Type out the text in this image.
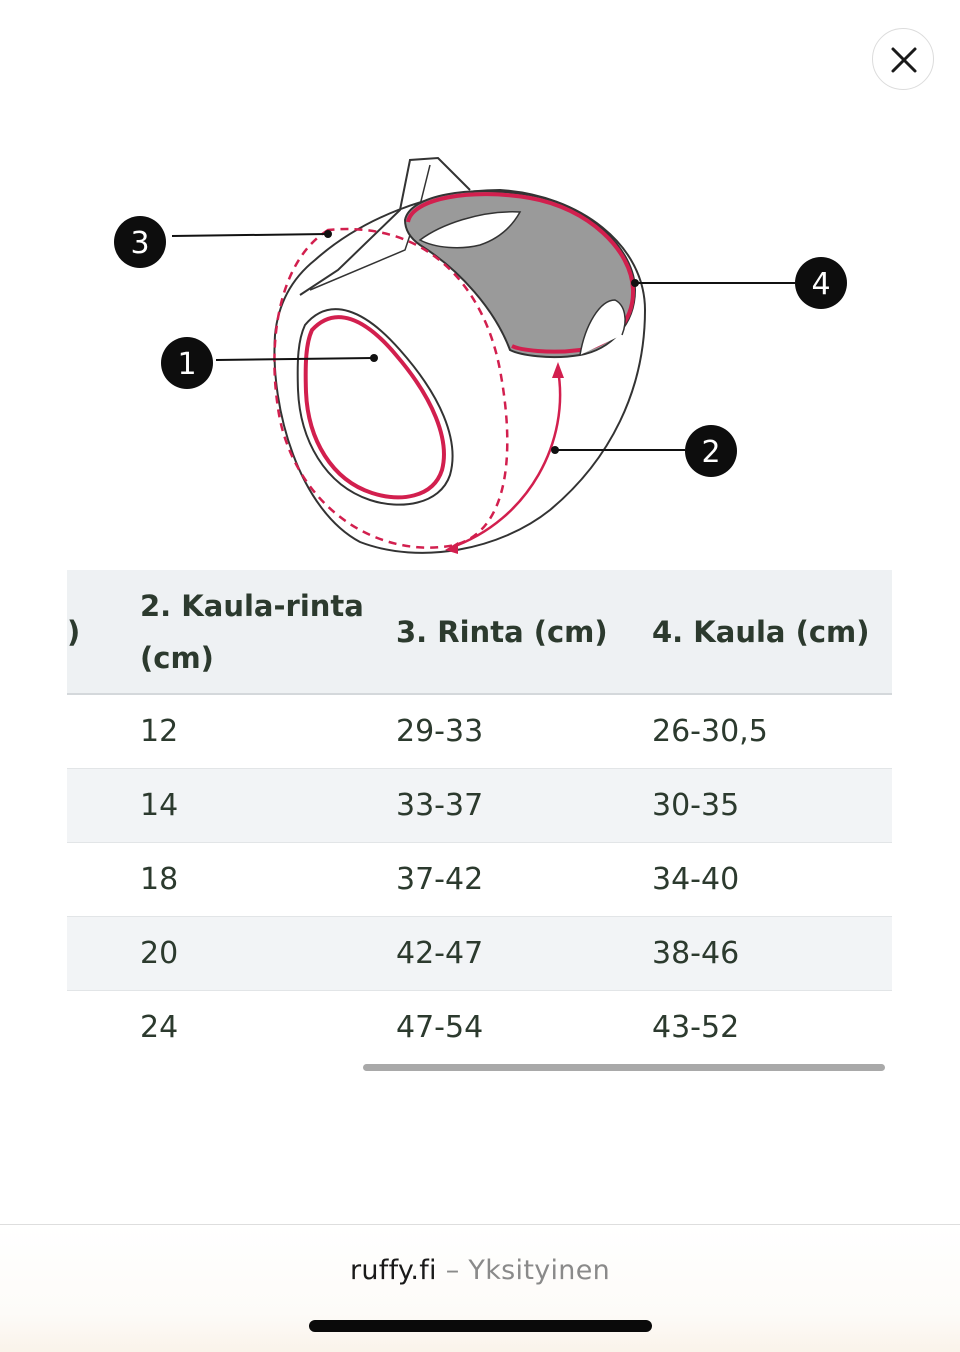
3
1
4
2
)	2. Kaula-rinta (cm)	3. Rinta (cm)	4. Kaula (cm)
	12	29-33	26-30,5
	14	33-37	30-35
	18	37-42	34-40
	20	42-47	38-46
	24	47-54	43-52
ruffy.fi – Yksityinen
